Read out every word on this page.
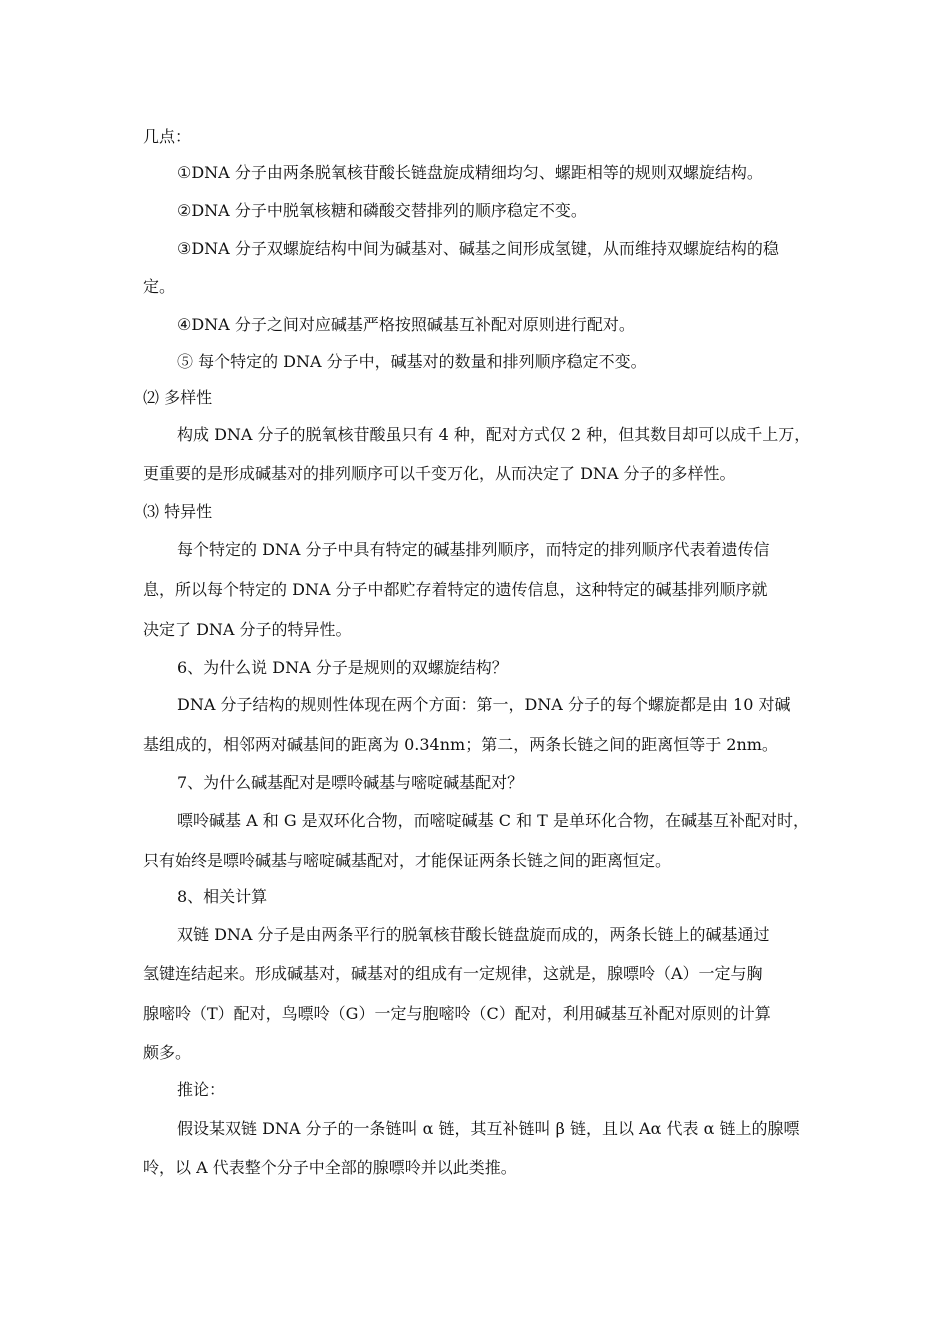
几点：
①DNA 分子由两条脱氧核苷酸长链盘旋成精细均匀、螺距相等的规则双螺旋结构。
②DNA 分子中脱氧核糖和磷酸交替排列的顺序稳定不变。
③DNA 分子双螺旋结构中间为碱基对、碱基之间形成氢键，从而维持双螺旋结构的稳
定。
④DNA 分子之间对应碱基严格按照碱基互补配对原则进行配对。
⑤ 每个特定的 DNA 分子中，碱基对的数量和排列顺序稳定不变。
⑵ 多样性
构成 DNA 分子的脱氧核苷酸虽只有 4 种，配对方式仅 2 种，但其数目却可以成千上万，
更重要的是形成碱基对的排列顺序可以千变万化，从而决定了 DNA 分子的多样性。
⑶ 特异性
每个特定的 DNA 分子中具有特定的碱基排列顺序，而特定的排列顺序代表着遗传信
息，所以每个特定的 DNA 分子中都贮存着特定的遗传信息，这种特定的碱基排列顺序就
决定了 DNA 分子的特异性。
6、为什么说 DNA 分子是规则的双螺旋结构？
DNA 分子结构的规则性体现在两个方面：第一，DNA 分子的每个螺旋都是由 10 对碱
基组成的，相邻两对碱基间的距离为 0.34nm；第二，两条长链之间的距离恒等于 2nm。
7、为什么碱基配对是嘌呤碱基与嘧啶碱基配对？
嘌呤碱基 A 和 G 是双环化合物，而嘧啶碱基 C 和 T 是单环化合物，在碱基互补配对时，
只有始终是嘌呤碱基与嘧啶碱基配对，才能保证两条长链之间的距离恒定。
8、相关计算
双链 DNA 分子是由两条平行的脱氧核苷酸长链盘旋而成的，两条长链上的碱基通过
氢键连结起来。形成碱基对，碱基对的组成有一定规律，这就是，腺嘌呤（A）一定与胸
腺嘧呤（T）配对，鸟嘌呤（G）一定与胞嘧呤（C）配对，利用碱基互补配对原则的计算
颇多。
推论：
假设某双链 DNA 分子的一条链叫 α 链，其互补链叫 β 链，且以 Aα 代表 α 链上的腺嘌
呤，以 A 代表整个分子中全部的腺嘌呤并以此类推。
